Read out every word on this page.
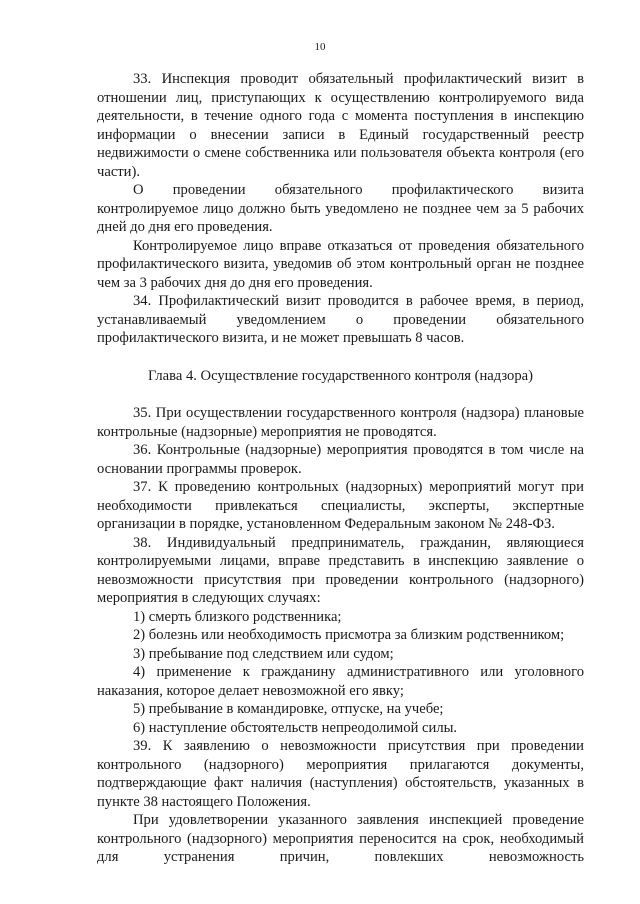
10

33. Инспекция проводит обязательный профилактический визит в отношении лиц, приступающих к осуществлению контролируемого вида деятельности, в течение одного года с момента поступления в инспекцию информации о внесении записи в Единый государственный реестр недвижимости о смене собственника или пользователя объекта контроля (его части).

О проведении обязательного профилактического визита контролируемое лицо должно быть уведомлено не позднее чем за 5 рабочих дней до дня его проведения.

Контролируемое лицо вправе отказаться от проведения обязательного профилактического визита, уведомив об этом контрольный орган не позднее чем за 3 рабочих дня до дня его проведения.

34. Профилактический визит проводится в рабочее время, в период, устанавливаемый уведомлением о проведении обязательного профилактического визита, и не может превышать 8 часов.

Глава 4. Осуществление государственного контроля (надзора)

35. При осуществлении государственного контроля (надзора) плановые контрольные (надзорные) мероприятия не проводятся.

36. Контрольные (надзорные) мероприятия проводятся в том числе на основании программы проверок.

37. К проведению контрольных (надзорных) мероприятий могут при необходимости привлекаться специалисты, эксперты, экспертные организации в порядке, установленном Федеральным законом № 248-ФЗ.

38. Индивидуальный предприниматель, гражданин, являющиеся контролируемыми лицами, вправе представить в инспекцию заявление о невозможности присутствия при проведении контрольного (надзорного) мероприятия в следующих случаях:

1) смерть близкого родственника;

2) болезнь или необходимость присмотра за близким родственником;

3) пребывание под следствием или судом;

4) применение к гражданину административного или уголовного наказания, которое делает невозможной его явку;

5) пребывание в командировке, отпуске, на учебе;

6) наступление обстоятельств непреодолимой силы.

39. К заявлению о невозможности присутствия при проведении контрольного (надзорного) мероприятия прилагаются документы, подтверждающие факт наличия (наступления) обстоятельств, указанных в пункте 38 настоящего Положения.

При удовлетворении указанного заявления инспекцией проведение контрольного (надзорного) мероприятия переносится на срок, необходимый для устранения причин, повлекших невозможность
